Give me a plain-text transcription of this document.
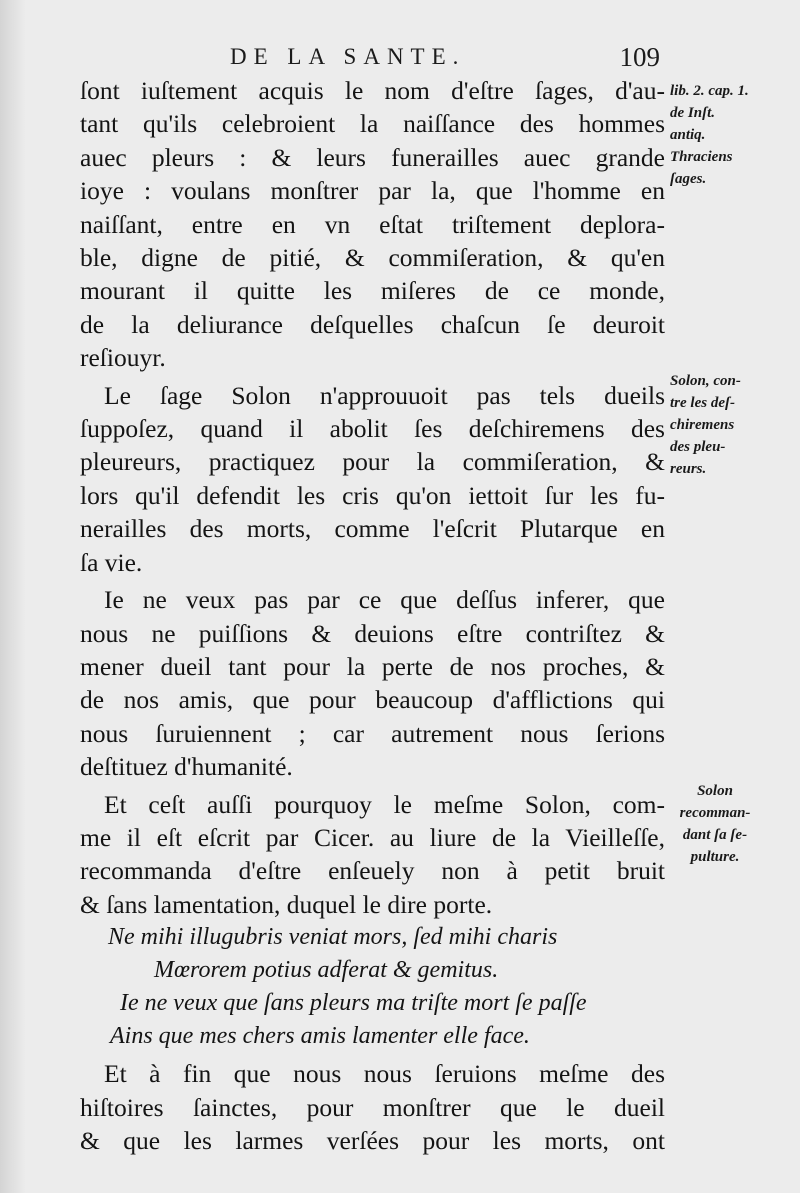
DE LA SANTE.	109

ſont iuſtement acquis le nom d'eſtre ſages, d'au-
tant qu'ils celebroient la naiſſance des hommes
auec pleurs : & leurs funerailles auec grande
ioye : voulans monſtrer par la, que l'homme en
naiſſant, entre en vn eſtat triſtement deplora-
ble, digne de pitié, & commiſeration, & qu'en
mourant il quitte les miſeres de ce monde,
de la deliurance deſquelles chaſcun ſe deuroit
reſiouyr.

Le ſage Solon n'approuuoit pas tels dueils
ſuppoſez, quand il abolit ſes deſchiremens des
pleureurs, practiquez pour la commiſeration, &
lors qu'il defendit les cris qu'on iettoit ſur les fu-
nerailles des morts, comme l'eſcrit Plutarque en
ſa vie.

Ie ne veux pas par ce que deſſus inferer, que
nous ne puiſſions & deuions eſtre contriſtez &
mener dueil tant pour la perte de nos proches, &
de nos amis, que pour beaucoup d'afflictions qui
nous ſuruiennent ; car autrement nous ſerions
deſtituez d'humanité.

Et ceſt auſſi pourquoy le meſme Solon, com-
me il eſt eſcrit par Cicer. au liure de la Vieilleſſe,
recommanda d'eſtre enſeuely non à petit bruit
& ſans lamentation, duquel le dire porte.

Ne mihi illugubris veniat mors, ſed mihi charis
Mœrorem potius adferat & gemitus.
Ie ne veux que ſans pleurs ma triſte mort ſe paſſe
Ains que mes chers amis lamenter elle face.

Et à fin que nous nous ſeruions meſme des
hiſtoires ſainctes, pour monſtrer que le dueil
& que les larmes verſées pour les morts, ont

lib. 2. cap. 1.
de Inſt.
antiq.
Thraciens
ſages.
Solon, con-
tre les deſ-
chiremens
des pleu-
reurs.
Solon
recomman-
dant ſa ſe-
pulture.
